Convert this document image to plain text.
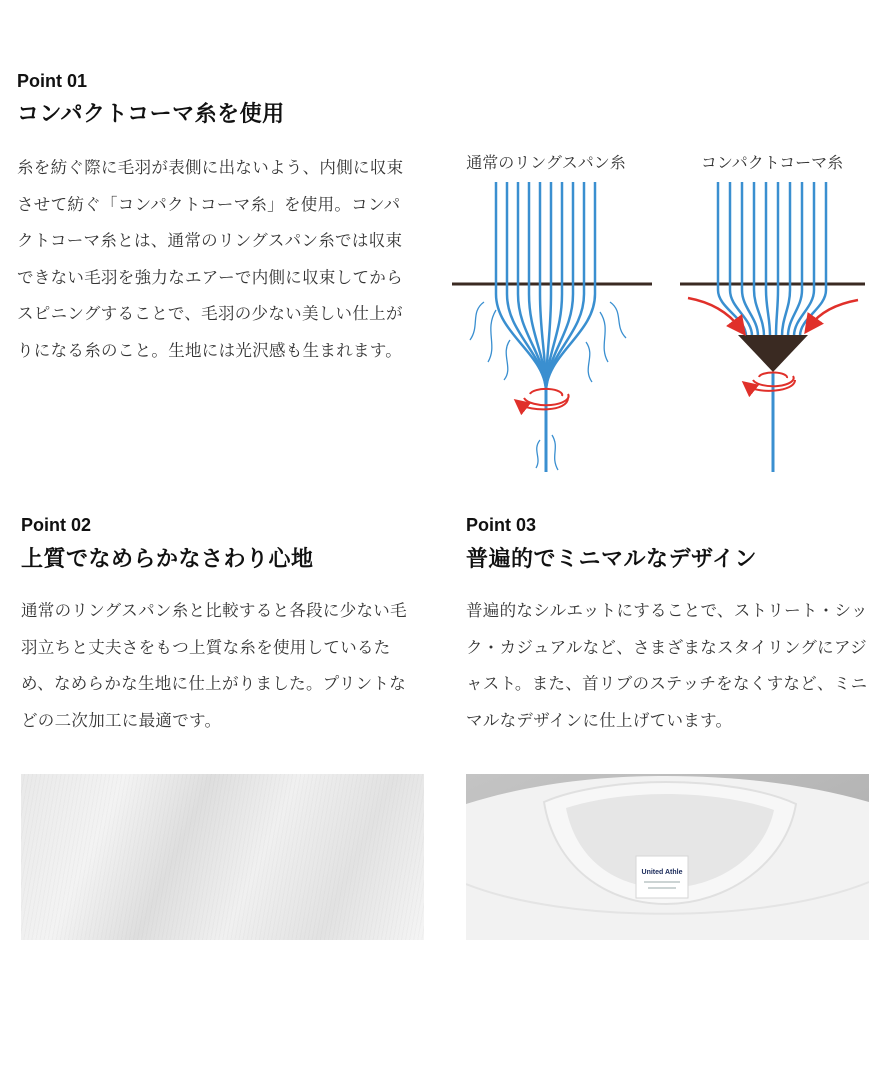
Point 01
コンパクトコーマ糸を使用
糸を紡ぐ際に毛羽が表側に出ないよう、内側に収束させて紡ぐ「コンパクトコーマ糸」を使用。コンパクトコーマ糸とは、通常のリングスパン糸では収束できない毛羽を強力なエアーで内側に収束してからスピニングすることで、毛羽の少ない美しい仕上がりになる糸のこと。生地には光沢感も生まれます。
通常のリングスパン糸	コンパクトコーマ糸
Point 02
上質でなめらかなさわり心地
通常のリングスパン糸と比較すると各段に少ない毛羽立ちと丈夫さをもつ上質な糸を使用しているため、なめらかな生地に仕上がりました。プリントなどの二次加工に最適です。
Point 03
普遍的でミニマルなデザイン
普遍的なシルエットにすることで、ストリート・シック・カジュアルなど、さまざまなスタイリングにアジャスト。また、首リブのステッチをなくすなど、ミニマルなデザインに仕上げています。
United Athle
